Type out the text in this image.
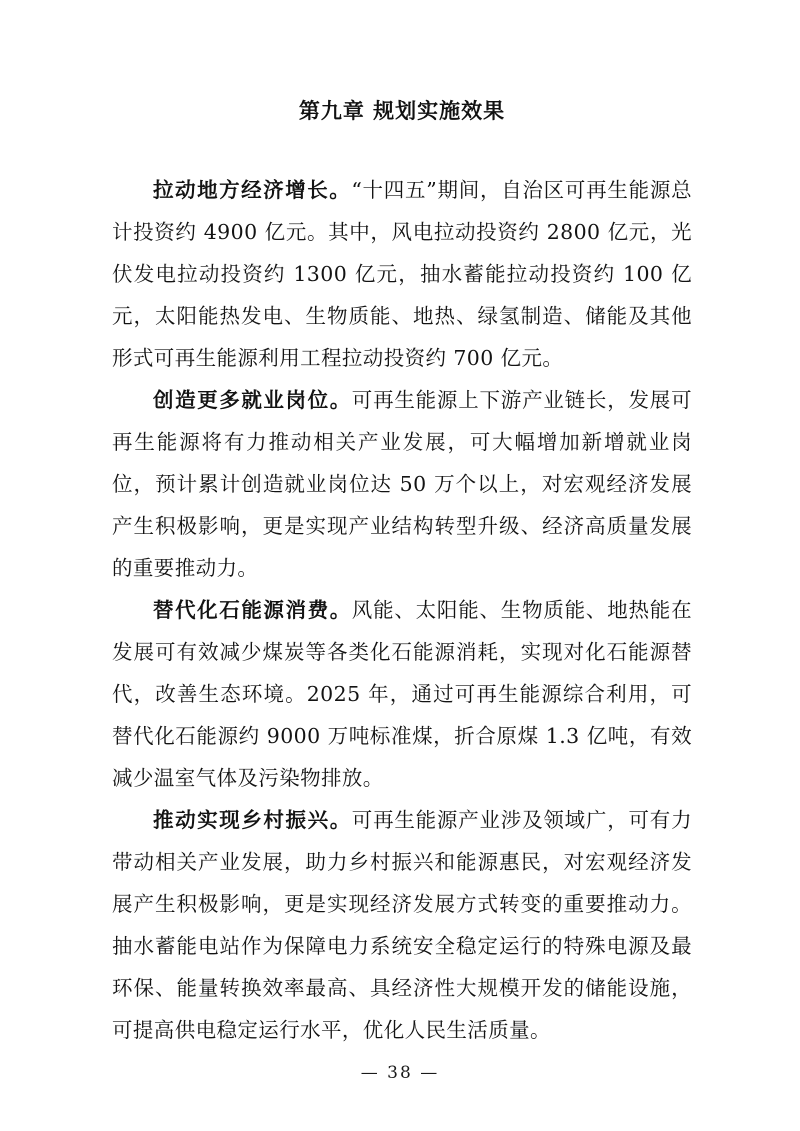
第九章 规划实施效果

拉动地方经济增长。“十四五”期间，自治区可再生能源总计投资约 4900 亿元。其中，风电拉动投资约 2800 亿元，光伏发电拉动投资约 1300 亿元，抽水蓄能拉动投资约 100 亿元，太阳能热发电、生物质能、地热、绿氢制造、储能及其他形式可再生能源利用工程拉动投资约 700 亿元。

创造更多就业岗位。可再生能源上下游产业链长，发展可再生能源将有力推动相关产业发展，可大幅增加新增就业岗位，预计累计创造就业岗位达 50 万个以上，对宏观经济发展产生积极影响，更是实现产业结构转型升级、经济高质量发展的重要推动力。

替代化石能源消费。风能、太阳能、生物质能、地热能在发展可有效减少煤炭等各类化石能源消耗，实现对化石能源替代，改善生态环境。2025 年，通过可再生能源综合利用，可替代化石能源约 9000 万吨标准煤，折合原煤 1.3 亿吨，有效减少温室气体及污染物排放。

推动实现乡村振兴。可再生能源产业涉及领域广，可有力带动相关产业发展，助力乡村振兴和能源惠民，对宏观经济发展产生积极影响，更是实现经济发展方式转变的重要推动力。抽水蓄能电站作为保障电力系统安全稳定运行的特殊电源及最环保、能量转换效率最高、具经济性大规模开发的储能设施，可提高供电稳定运行水平，优化人民生活质量。

— 38 —
